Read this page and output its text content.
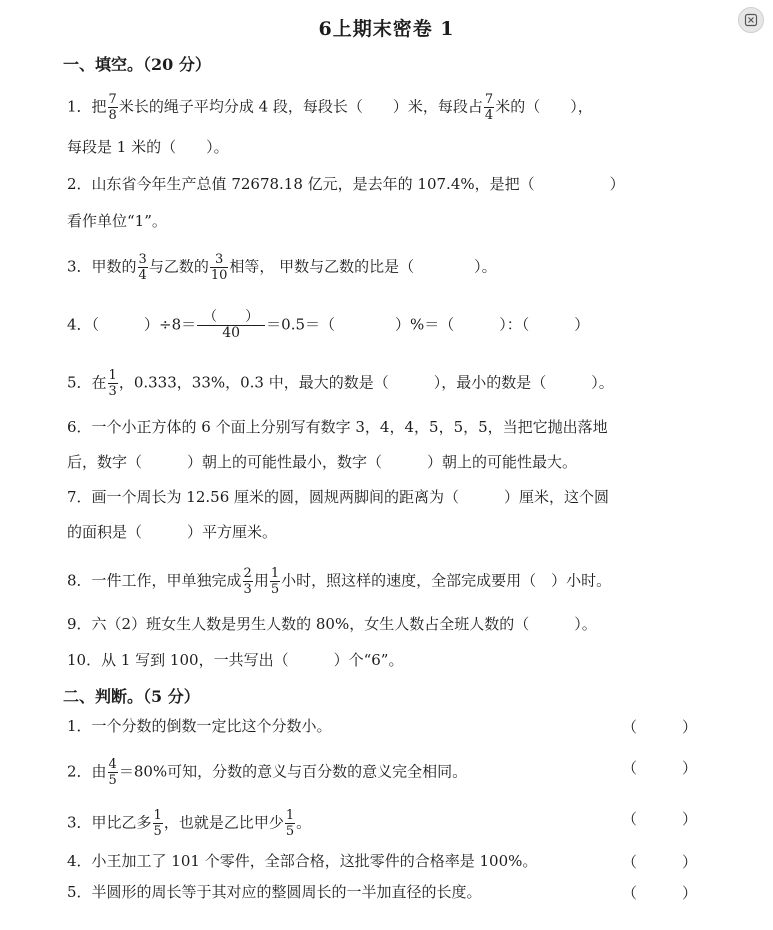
6上期末密卷 1
一、填空。（20 分）
1．把 $\frac{7}{8}$ 米长的绳子平均分成 4 段，每段长（　　）米，每段占 $\frac{7}{4}$ 米的（　　），
每段是 1 米的（　　）。
2．山东省今年生产总值 72678.18 亿元，是去年的 107.4%，是把（　　　　　）
看作单位“1”。
3．甲数的 $\frac{3}{4}$ 与乙数的 $\frac{3}{10}$ 相等， 甲数与乙数的比是（　　　　）。
4．（　　　）$\div 8= \frac{( )}{40} =0.5=$（　　　　）%＝（　　　）：（　　　）
5．在 $\frac{1}{3}$ ，0.333，33%，0.3 中，最大的数是（　　　），最小的数是（　　　）。
6．一个小正方体的 6 个面上分别写有数字 3，4，4，5，5，5，当把它抛出落地
后，数字（　　　）朝上的可能性最小，数字（　　　）朝上的可能性最大。
7．画一个周长为 12.56 厘米的圆，圆规两脚间的距离为（　　　）厘米，这个圆
的面积是（　　　）平方厘米。
8．一件工作，甲单独完成 $\frac{2}{3}$ 用 $\frac{1}{5}$ 小时，照这样的速度，全部完成要用（　）小时。
9．六（2）班女生人数是男生人数的 80%，女生人数占全班人数的（　　　）。
10．从 1 写到 100，一共写出（　　　）个“6”。
二、判断。（5 分）
1．一个分数的倒数一定比这个分数小。	（　　　）
2．由 $\frac{4}{5} =80\%$可知，分数的意义与百分数的意义完全相同。	（　　　）
3．甲比乙多 $\frac{1}{5}$ ，也就是乙比甲少 $\frac{1}{5}$ 。	（　　　）
4．小王加工了 101 个零件，全部合格，这批零件的合格率是 100%。	（　　　）
5．半圆形的周长等于其对应的整圆周长的一半加直径的长度。	（　　　）
